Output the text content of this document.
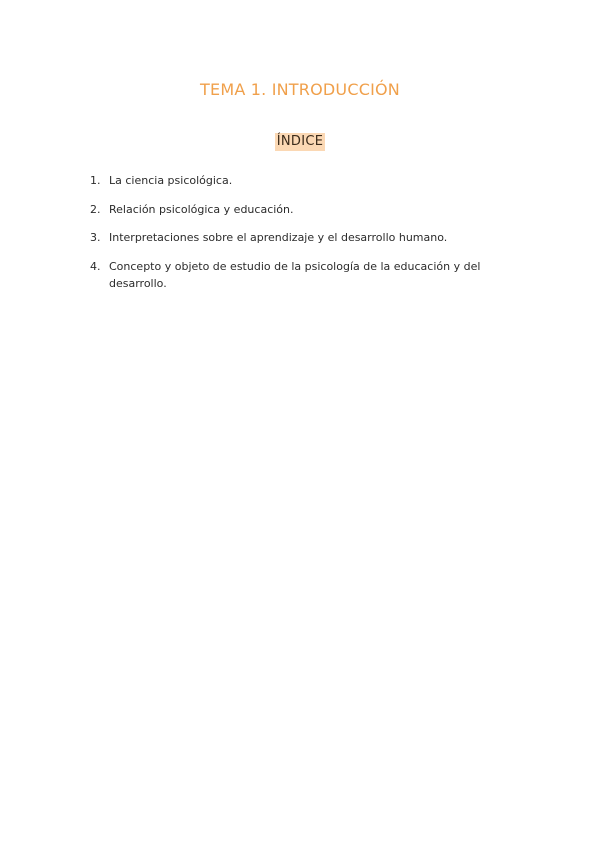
TEMA 1. INTRODUCCIÓN
ÍNDICE
1. La ciencia psicológica.
2. Relación psicológica y educación.
3. Interpretaciones sobre el aprendizaje y el desarrollo humano.
4. Concepto y objeto de estudio de la psicología de la educación y del desarrollo.
